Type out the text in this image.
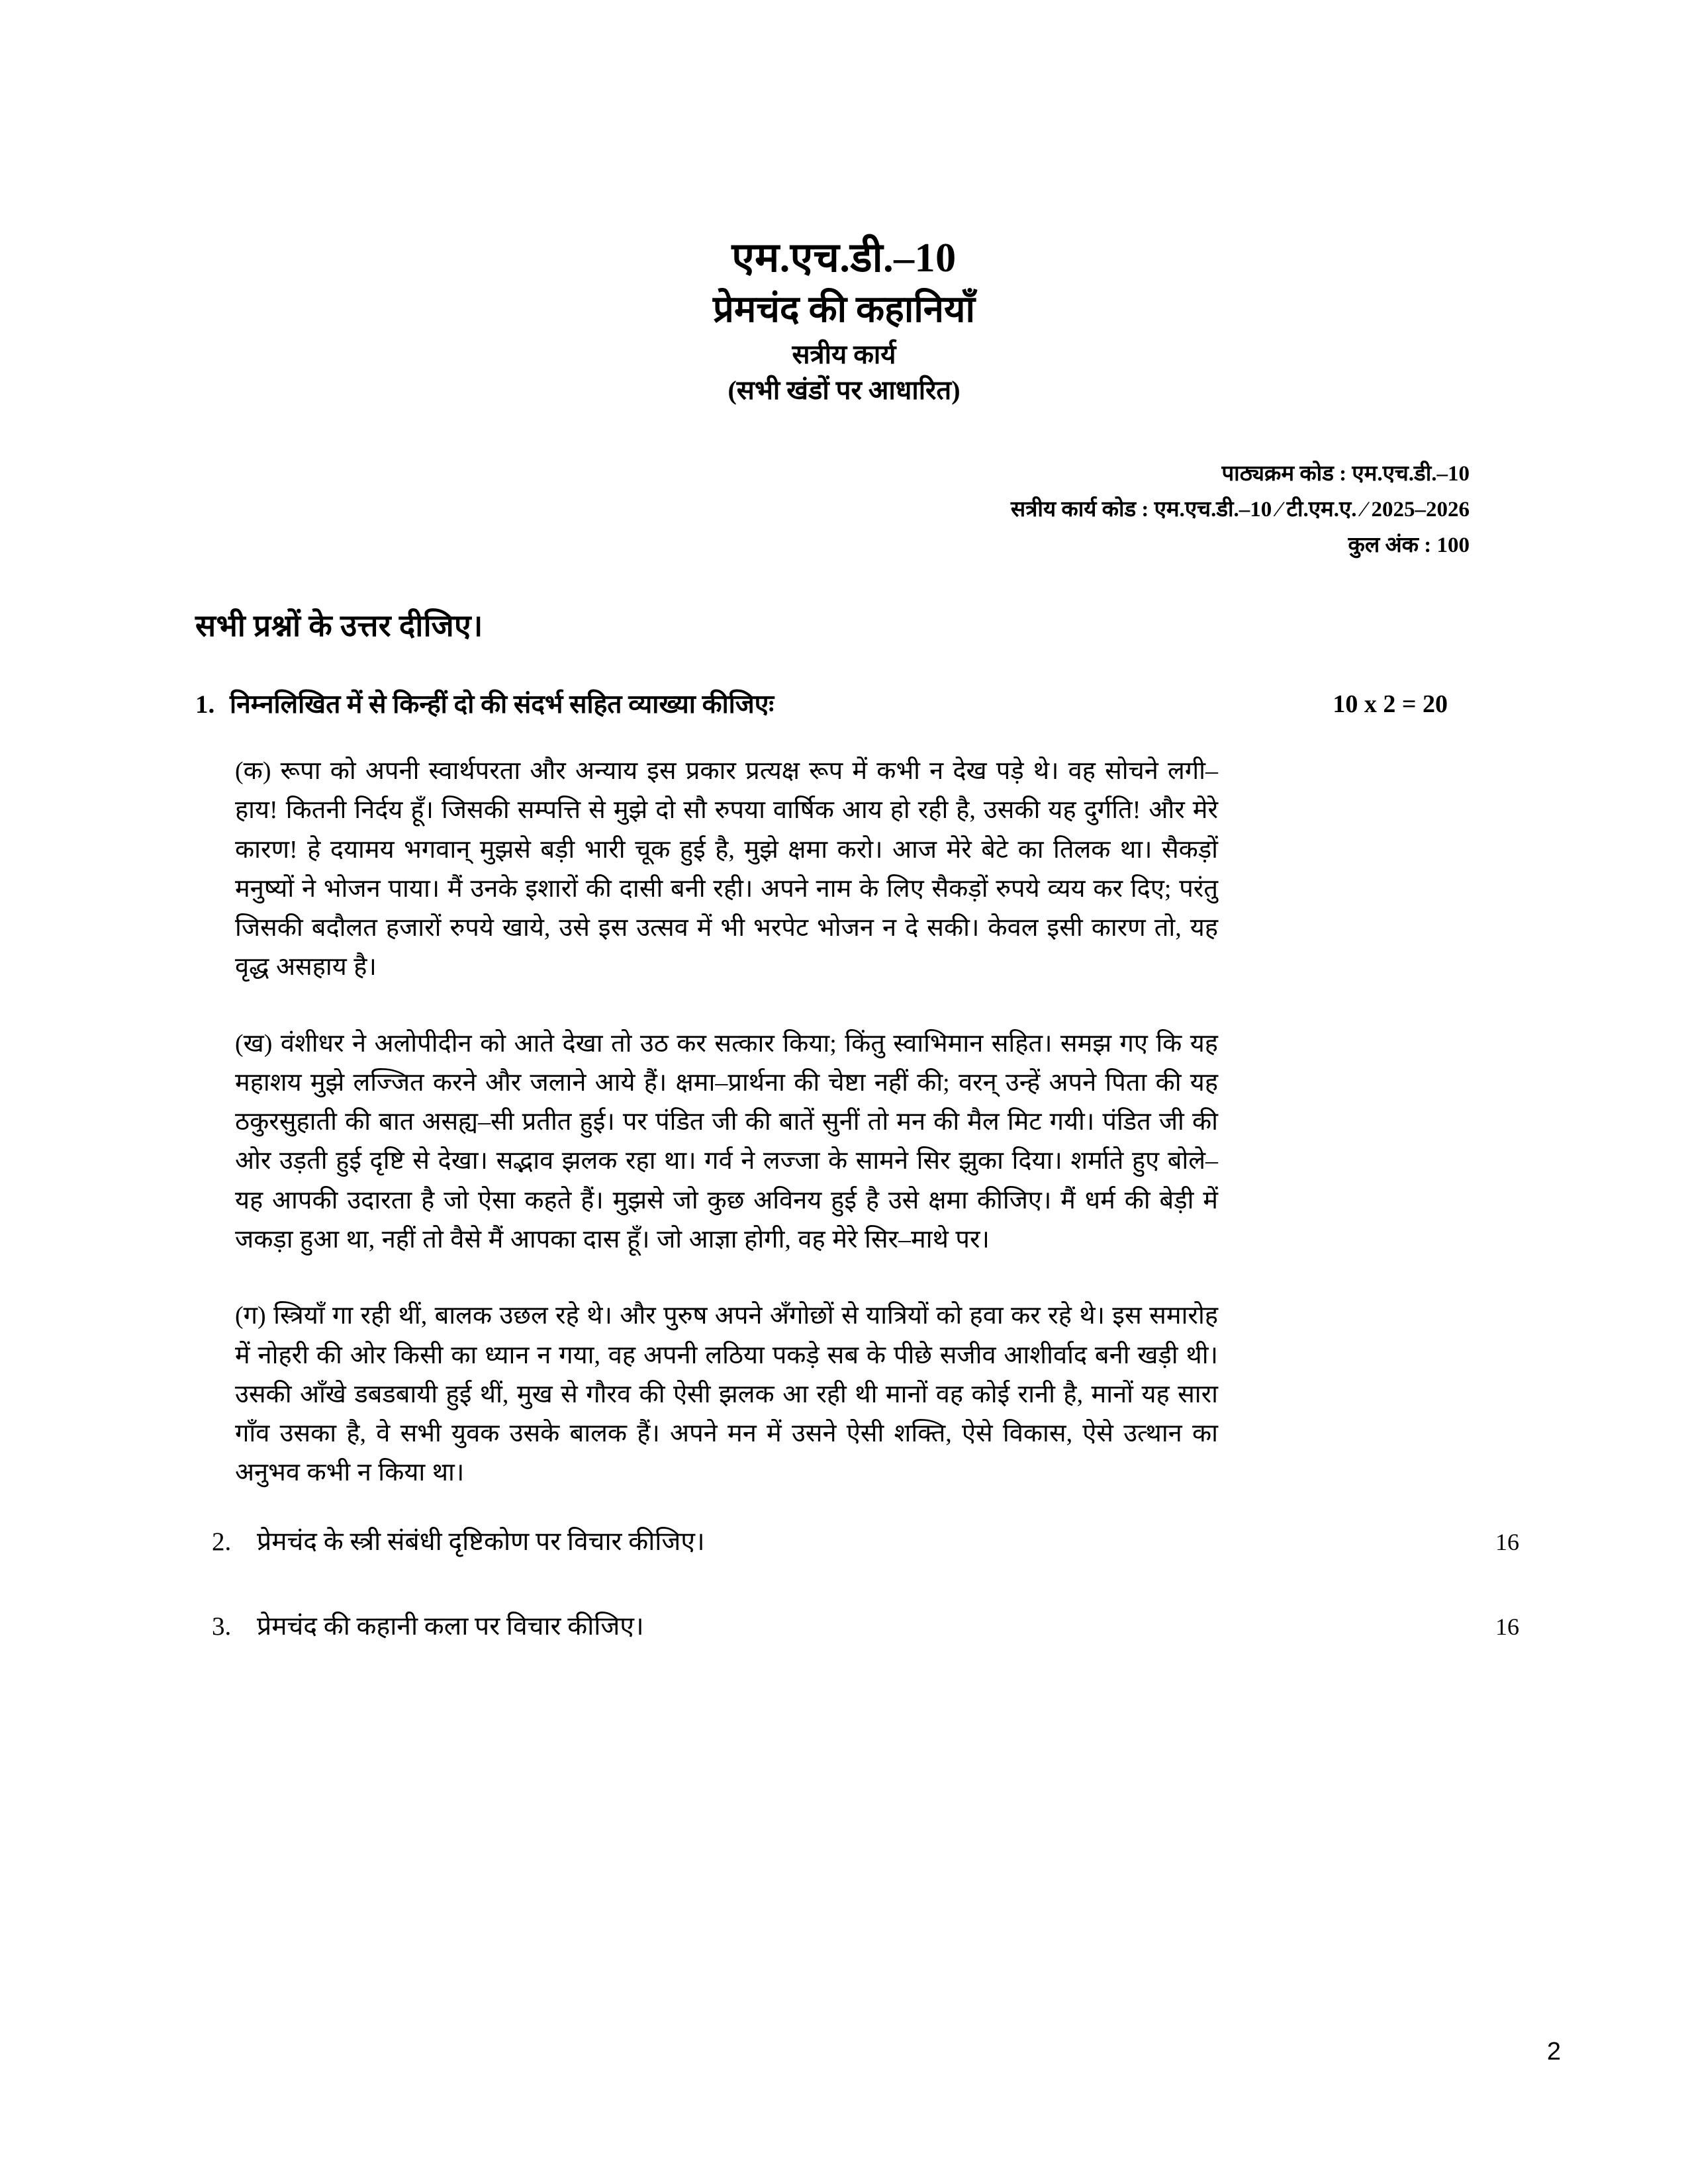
एम.एच.डी.–10
प्रेमचंद की कहानियाँ
सत्रीय कार्य
(सभी खंडों पर आधारित)
पाठ्यक्रम कोड : एम.एच.डी.–10
सत्रीय कार्य कोड : एम.एच.डी.–10 ⁄ टी.एम.ए. ⁄ 2025–2026
कुल अंक : 100
सभी प्रश्नों के उत्तर दीजिए।
1. निम्नलिखित में से किन्हीं दो की संदर्भ सहित व्याख्या कीजिएः	10 x 2 = 20
(क) रूपा को अपनी स्वार्थपरता और अन्याय इस प्रकार प्रत्यक्ष रूप में कभी न देख पड़े थे। वह सोचने लगी– हाय! कितनी निर्दय हूँ। जिसकी सम्पत्ति से मुझे दो सौ रुपया वार्षिक आय हो रही है, उसकी यह दुर्गति! और मेरे कारण! हे दयामय भगवान् मुझसे बड़ी भारी चूक हुई है, मुझे क्षमा करो। आज मेरे बेटे का तिलक था। सैकड़ों मनुष्यों ने भोजन पाया। मैं उनके इशारों की दासी बनी रही। अपने नाम के लिए सैकड़ों रुपये व्यय कर दिए; परंतु जिसकी बदौलत हजारों रुपये खाये, उसे इस उत्सव में भी भरपेट भोजन न दे सकी। केवल इसी कारण तो, यह वृद्ध असहाय है।
(ख) वंशीधर ने अलोपीदीन को आते देखा तो उठ कर सत्कार किया; किंतु स्वाभिमान सहित। समझ गए कि यह महाशय मुझे लज्जित करने और जलाने आये हैं। क्षमा–प्रार्थना की चेष्टा नहीं की; वरन् उन्हें अपने पिता की यह ठकुरसुहाती की बात असह्य–सी प्रतीत हुई। पर पंडित जी की बातें सुनीं तो मन की मैल मिट गयी। पंडित जी की ओर उड़ती हुई दृष्टि से देखा। सद्भाव झलक रहा था। गर्व ने लज्जा के सामने सिर झुका दिया। शर्माते हुए बोले– यह आपकी उदारता है जो ऐसा कहते हैं। मुझसे जो कुछ अविनय हुई है उसे क्षमा कीजिए। मैं धर्म की बेड़ी में जकड़ा हुआ था, नहीं तो वैसे मैं आपका दास हूँ। जो आज्ञा होगी, वह मेरे सिर–माथे पर।
(ग) स्त्रियाँ गा रही थीं, बालक उछल रहे थे। और पुरुष अपने अँगोछों से यात्रियों को हवा कर रहे थे। इस समारोह में नोहरी की ओर किसी का ध्यान न गया, वह अपनी लठिया पकड़े सब के पीछे सजीव आशीर्वाद बनी खड़ी थी। उसकी आँखे डबडबायी हुई थीं, मुख से गौरव की ऐसी झलक आ रही थी मानों वह कोई रानी है, मानों यह सारा गाँव उसका है, वे सभी युवक उसके बालक हैं। अपने मन में उसने ऐसी शक्ति, ऐसे विकास, ऐसे उत्थान का अनुभव कभी न किया था।
2. प्रेमचंद के स्त्री संबंधी दृष्टिकोण पर विचार कीजिए।	16
3. प्रेमचंद की कहानी कला पर विचार कीजिए।	16
2
